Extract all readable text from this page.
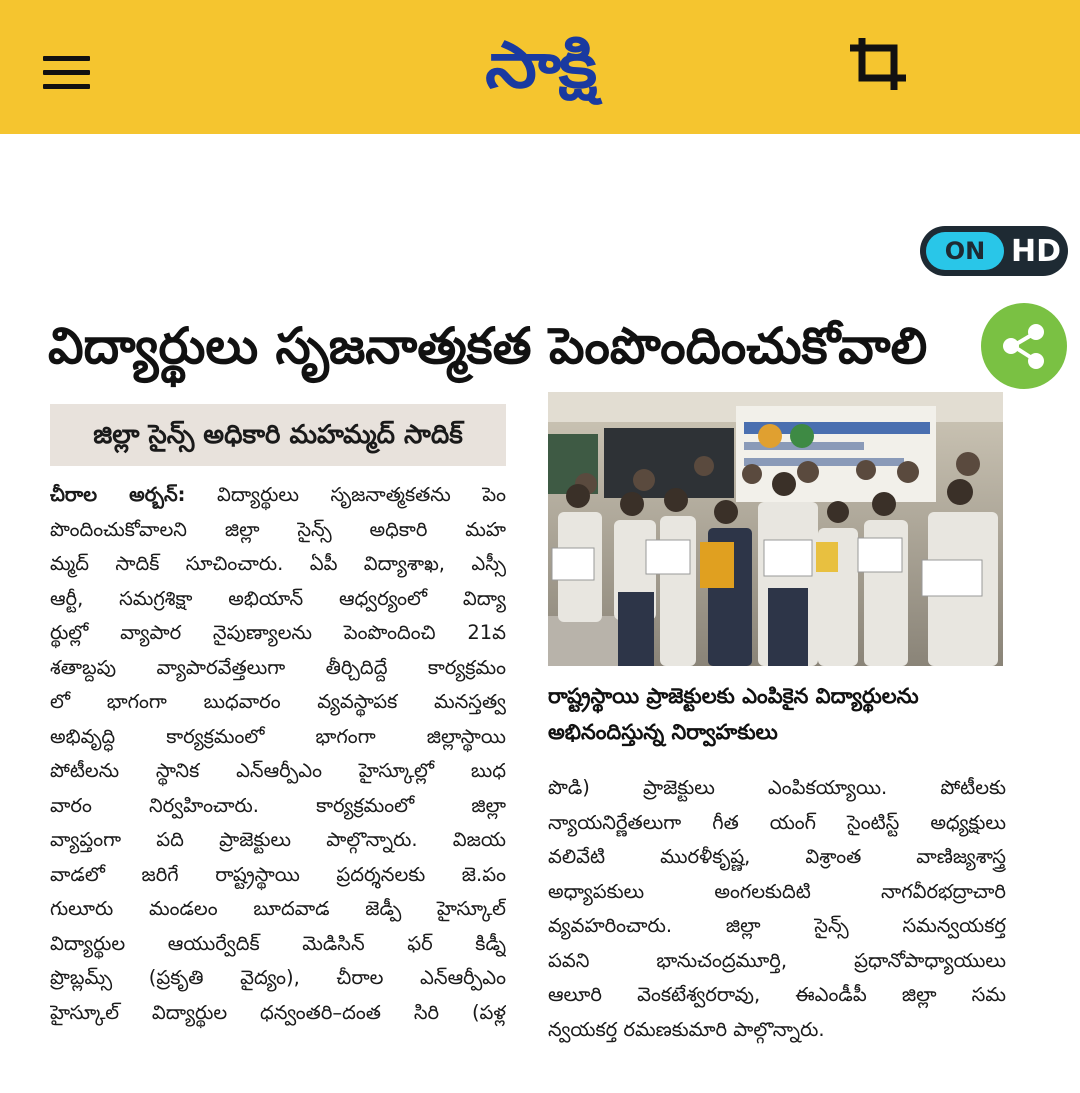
సాక్షి
ON HD
విద్యార్థులు సృజనాత్మకత పెంపొందించుకోవాలి
జిల్లా సైన్స్ అధికారి మహమ్మద్ సాదిక్
చీరాల అర్బన్: విద్యార్థులు సృజనాత్మకతను పెం
పొందించుకోవాలని జిల్లా సైన్స్ అధికారి మహ
మ్మద్ సాదిక్ సూచించారు. ఏపీ విద్యాశాఖ, ఎస్సీ
ఆర్టీ, సమగ్రశిక్షా అభియాన్ ఆధ్వర్యంలో విద్యా
ర్థుల్లో వ్యాపార నైపుణ్యాలను పెంపొందించి 21వ
శతాబ్దపు వ్యాపారవేత్తలుగా తీర్చిదిద్దే కార్యక్రమం
లో భాగంగా బుధవారం వ్యవస్థాపక మనస్తత్వ
అభివృద్ధి కార్యక్రమంలో భాగంగా జిల్లాస్థాయి
పోటీలను స్థానిక ఎన్ఆర్పీఎం హైస్కూల్లో బుధ
వారం నిర్వహించారు. కార్యక్రమంలో జిల్లా
వ్యాప్తంగా పది ప్రాజెక్టులు పాల్గొన్నారు. విజయ
వాడలో జరిగే రాష్ట్రస్థాయి ప్రదర్శనలకు జె.పం
గులూరు మండలం బూదవాడ జెడ్పీ హైస్కూల్
విద్యార్థుల ఆయుర్వేదిక్ మెడిసిన్ ఫర్ కిడ్నీ
ప్రొబ్లమ్స్ (ప్రకృతి వైద్యం), చీరాల ఎన్ఆర్పీఎం
హైస్కూల్ విద్యార్థుల ధన్వంతరి–దంత సిరి (పళ్ల
రాష్ట్రస్థాయి ప్రాజెక్టులకు ఎంపికైన విద్యార్థులను
అభినందిస్తున్న నిర్వాహకులు
పొడి) ప్రాజెక్టులు ఎంపికయ్యాయి. పోటీలకు
న్యాయనిర్ణేతలుగా గీత యంగ్ సైంటిస్ట్ అధ్యక్షులు
వలివేటి మురళీకృష్ణ, విశ్రాంత వాణిజ్యశాస్త్ర
అధ్యాపకులు అంగలకుదిటి నాగవీరభద్రాచారి
వ్యవహరించారు. జిల్లా సైన్స్ సమన్వయకర్త
పవని భానుచంద్రమూర్తి, ప్రధానోపాధ్యాయులు
ఆలూరి వెంకటేశ్వరరావు, ఈఎండీపీ జిల్లా సమ
న్వయకర్త రమణకుమారి పాల్గొన్నారు.
